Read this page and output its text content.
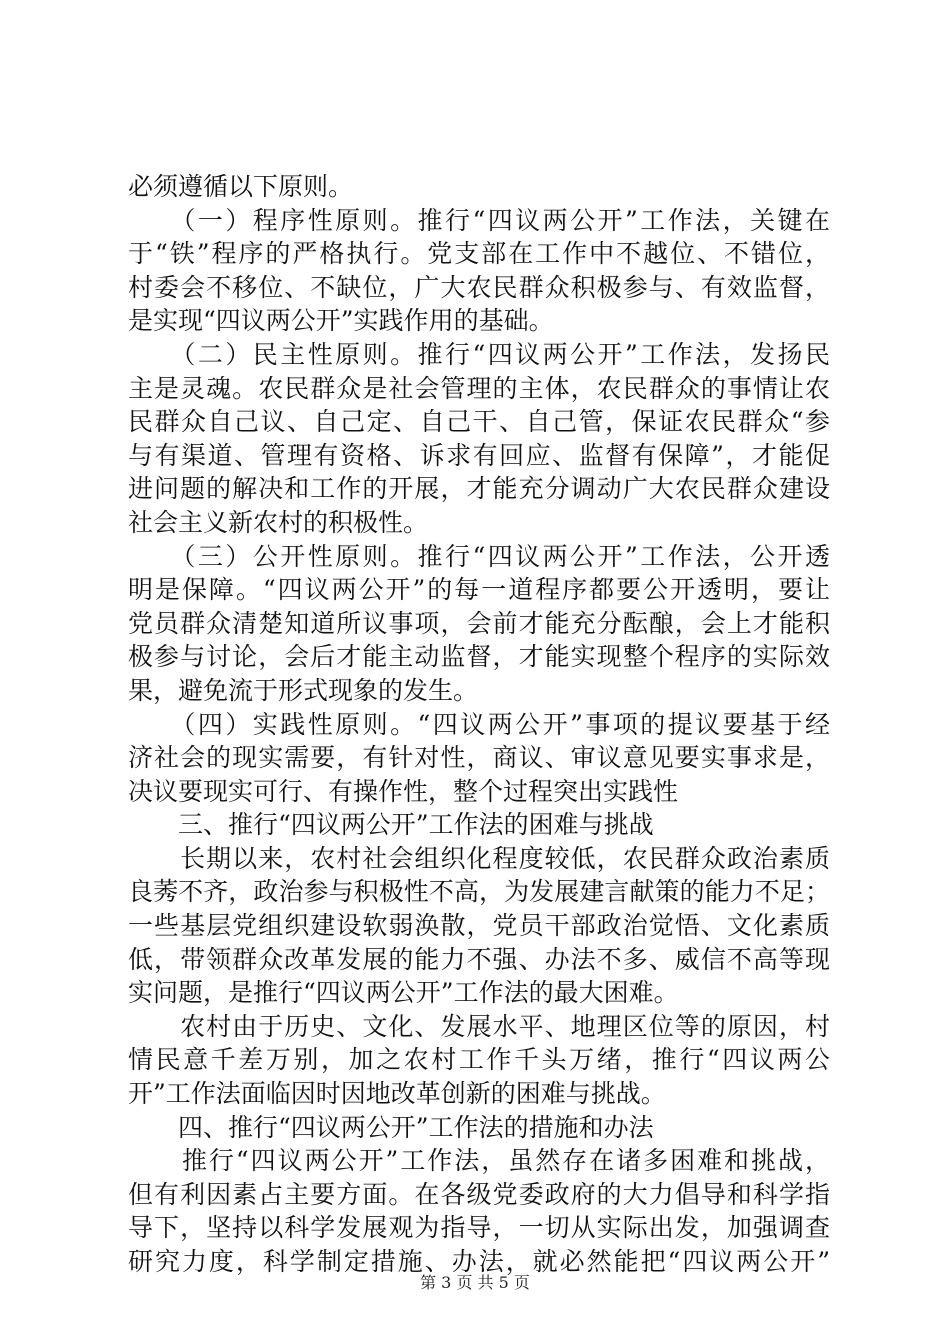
必须遵循以下原则。
　　（一）程序性原则。推行“四议两公开”工作法，关键在
于“铁”程序的严格执行。党支部在工作中不越位、不错位，
村委会不移位、不缺位，广大农民群众积极参与、有效监督，
是实现“四议两公开”实践作用的基础。
　　（二）民主性原则。推行“四议两公开”工作法，发扬民
主是灵魂。农民群众是社会管理的主体，农民群众的事情让农
民群众自己议、自己定、自己干、自己管，保证农民群众“参
与有渠道、管理有资格、诉求有回应、监督有保障”，才能促
进问题的解决和工作的开展，才能充分调动广大农民群众建设
社会主义新农村的积极性。
　　（三）公开性原则。推行“四议两公开”工作法，公开透
明是保障。“四议两公开”的每一道程序都要公开透明，要让
党员群众清楚知道所议事项，会前才能充分酝酿，会上才能积
极参与讨论，会后才能主动监督，才能实现整个程序的实际效
果，避免流于形式现象的发生。
　　（四）实践性原则。“四议两公开”事项的提议要基于经
济社会的现实需要，有针对性，商议、审议意见要实事求是，
决议要现实可行、有操作性，整个过程突出实践性
　　三、推行“四议两公开”工作法的困难与挑战
　　长期以来，农村社会组织化程度较低，农民群众政治素质
良莠不齐，政治参与积极性不高，为发展建言献策的能力不足；
一些基层党组织建设软弱涣散，党员干部政治觉悟、文化素质
低，带领群众改革发展的能力不强、办法不多、威信不高等现
实问题，是推行“四议两公开”工作法的最大困难。
　　农村由于历史、文化、发展水平、地理区位等的原因，村
情民意千差万别，加之农村工作千头万绪，推行“四议两公
开”工作法面临因时因地改革创新的困难与挑战。
　　四、推行“四议两公开”工作法的措施和办法
　　推行“四议两公开”工作法，虽然存在诸多困难和挑战，
但有利因素占主要方面。在各级党委政府的大力倡导和科学指
导下，坚持以科学发展观为指导，一切从实际出发，加强调查
研究力度，科学制定措施、办法，就必然能把“四议两公开”
第 3 页 共 5 页
